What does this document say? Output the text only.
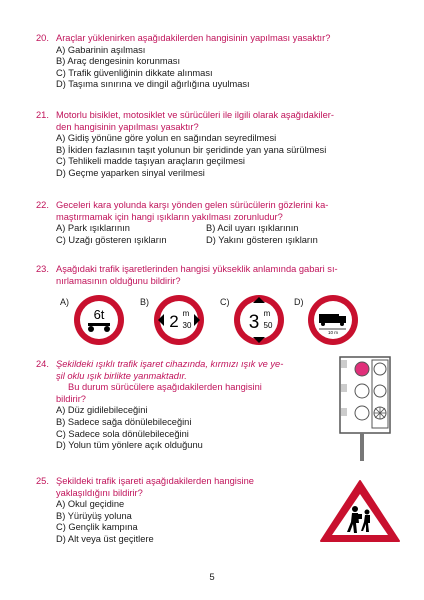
20. Araçlar yüklenirken aşağıdakilerden hangisinin yapılması yasaktır?
A) Gabarinin aşılması
B) Araç dengesinin korunması
C) Trafik güvenliğinin dikkate alınması
D) Taşıma sınırına ve dingil ağırlığına uyulması
21. Motorlu bisiklet, motosiklet ve sürücüleri ile ilgili olarak aşağıdakiler-
den hangisinin yapılması yasaktır?
A) Gidiş yönüne göre yolun en sağından seyredilmesi
B) İkiden fazlasının taşıt yolunun bir şeridinde yan yana sürülmesi
C) Tehlikeli madde taşıyan araçların geçilmesi
D) Geçme yaparken sinyal verilmesi
22. Geceleri kara yolunda karşı yönden gelen sürücülerin gözlerini ka-
maştırmamak için hangi ışıkların yakılması zorunludur?
A) Park ışıklarının	B) Acil uyarı ışıklarının
C) Uzağı gösteren ışıkların	D) Yakını gösteren ışıkların
23. Aşağıdaki trafik işaretlerinden hangisi yükseklik anlamında gabari sı-
nırlamasının olduğunu bildirir?
A)
6t
B)
2 m
30
C)
3 m
50
D)
10 m
24. Şekildeki ışıklı trafik işaret cihazında, kırmızı ışık ve ye-
şil oklu ışık birlikte yanmaktadır.
Bu durum sürücülere aşağıdakilerden hangisini
bildirir?
A) Düz gidilebileceğini
B) Sadece sağa dönülebileceğini
C) Sadece sola dönülebileceğini
D) Yolun tüm yönlere açık olduğunu
25. Şekildeki trafik işareti aşağıdakilerden hangisine
yaklaşıldığını bildirir?
A) Okul geçidine
B) Yürüyüş yoluna
C) Gençlik kampına
D) Alt veya üst geçitlere
5
